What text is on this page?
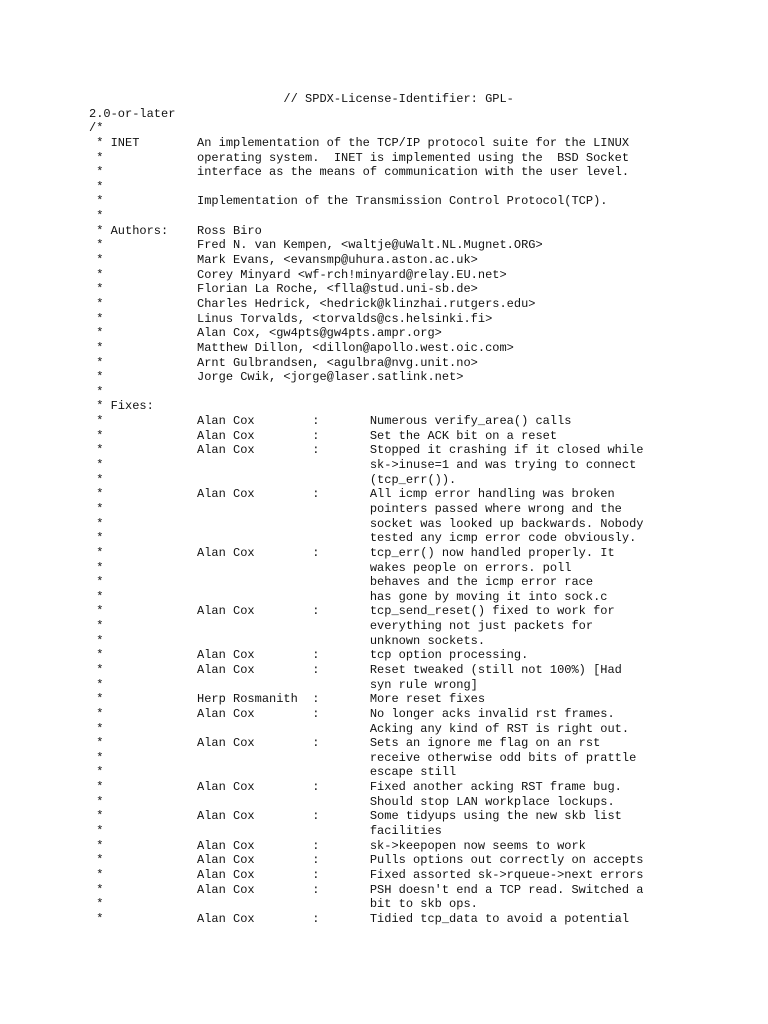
// SPDX-License-Identifier: GPL-
2.0-or-later
/*
* INET        An implementation of the TCP/IP protocol suite for the LINUX
*             operating system.  INET is implemented using the  BSD Socket
*             interface as the means of communication with the user level.
*
*             Implementation of the Transmission Control Protocol(TCP).
*
* Authors:    Ross Biro
*             Fred N. van Kempen, <waltje@uWalt.NL.Mugnet.ORG>
*             Mark Evans, <evansmp@uhura.aston.ac.uk>
*             Corey Minyard <wf-rch!minyard@relay.EU.net>
*             Florian La Roche, <flla@stud.uni-sb.de>
*             Charles Hedrick, <hedrick@klinzhai.rutgers.edu>
*             Linus Torvalds, <torvalds@cs.helsinki.fi>
*             Alan Cox, <gw4pts@gw4pts.ampr.org>
*             Matthew Dillon, <dillon@apollo.west.oic.com>
*             Arnt Gulbrandsen, <agulbra@nvg.unit.no>
*             Jorge Cwik, <jorge@laser.satlink.net>
*
* Fixes:
*             Alan Cox        :       Numerous verify_area() calls
*             Alan Cox        :       Set the ACK bit on a reset
*             Alan Cox        :       Stopped it crashing if it closed while
*                                     sk->inuse=1 and was trying to connect
*                                     (tcp_err()).
*             Alan Cox        :       All icmp error handling was broken
*                                     pointers passed where wrong and the
*                                     socket was looked up backwards. Nobody
*                                     tested any icmp error code obviously.
*             Alan Cox        :       tcp_err() now handled properly. It
*                                     wakes people on errors. poll
*                                     behaves and the icmp error race
*                                     has gone by moving it into sock.c
*             Alan Cox        :       tcp_send_reset() fixed to work for
*                                     everything not just packets for
*                                     unknown sockets.
*             Alan Cox        :       tcp option processing.
*             Alan Cox        :       Reset tweaked (still not 100%) [Had
*                                     syn rule wrong]
*             Herp Rosmanith  :       More reset fixes
*             Alan Cox        :       No longer acks invalid rst frames.
*                                     Acking any kind of RST is right out.
*             Alan Cox        :       Sets an ignore me flag on an rst
*                                     receive otherwise odd bits of prattle
*                                     escape still
*             Alan Cox        :       Fixed another acking RST frame bug.
*                                     Should stop LAN workplace lockups.
*             Alan Cox        :       Some tidyups using the new skb list
*                                     facilities
*             Alan Cox        :       sk->keepopen now seems to work
*             Alan Cox        :       Pulls options out correctly on accepts
*             Alan Cox        :       Fixed assorted sk->rqueue->next errors
*             Alan Cox        :       PSH doesn't end a TCP read. Switched a
*                                     bit to skb ops.
*             Alan Cox        :       Tidied tcp_data to avoid a potential
